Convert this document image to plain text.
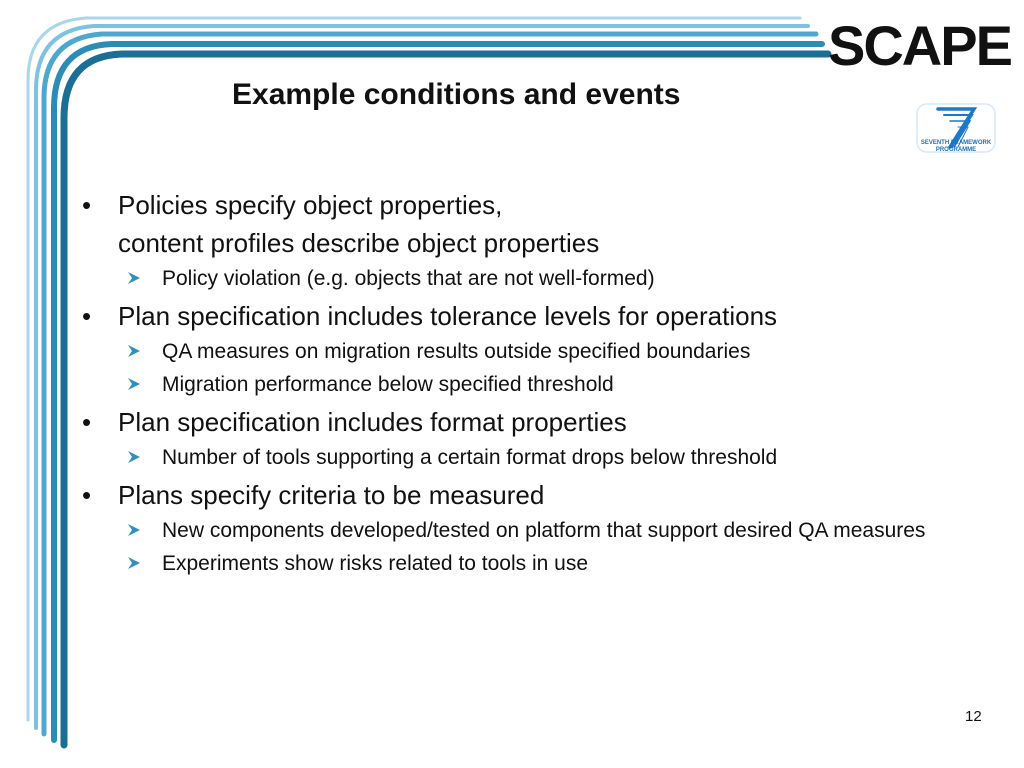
SCAPE
SEVENTH FRAMEWORK
PROGRAMME
Example conditions and events
• Policies specify object properties,
content profiles describe object properties
Policy violation (e.g. objects that are not well-formed)
• Plan specification includes tolerance levels for operations
QA measures on migration results outside specified boundaries
Migration performance below specified threshold
• Plan specification includes format properties
Number of tools supporting a certain format drops below threshold
• Plans specify criteria to be measured
New components developed/tested on platform that support desired QA measures
Experiments show risks related to tools in use
12
